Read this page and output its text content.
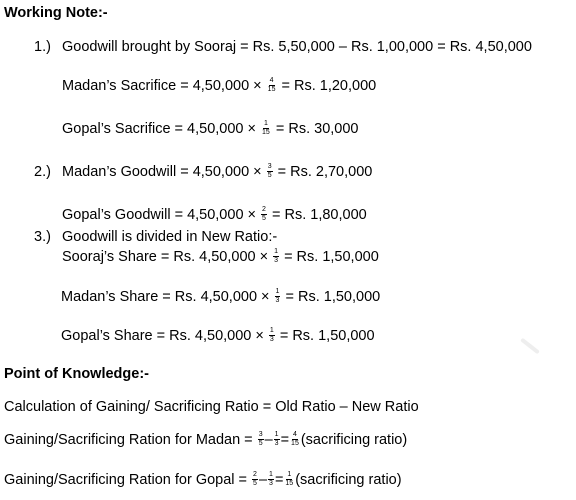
Working Note:-
1.) Goodwill brought by Sooraj = Rs. 5,50,000 – Rs. 1,00,000 = Rs. 4,50,000
Madan’s Sacrifice = $4,50,000 \times \frac{4}{15} = Rs$. 1,20,000
Gopal’s Sacrifice = $4,50,000 \times \frac{1}{15} = Rs$. 30,000
2.) Madan’s Goodwill = $4,50,000 \times \frac{3}{5} = Rs$. 2,70,000
Gopal’s Goodwill = $4,50,000 \times \frac{2}{5} = Rs$. 1,80,000
3.) Goodwill is divided in New Ratio:-
Sooraj’s Share = Rs. $4,50,000 \times \frac{1}{3} = Rs$. 1,50,000
Madan’s Share = Rs. $4,50,000 \times \frac{1}{3} = Rs$. 1,50,000
Gopal’s Share = Rs. $4,50,000 \times \frac{1}{3} = Rs$. 1,50,000
Point of Knowledge:-
Calculation of Gaining/ Sacrificing Ratio = Old Ratio – New Ratio
Gaining/Sacrificing Ration for Madan = $\frac{3}{5} - \frac{1}{3} = \frac{4}{15}$ (sacrificing ratio)
Gaining/Sacrificing Ration for Gopal = $\frac{2}{5} - \frac{1}{3} = \frac{1}{15}$ (sacrificing ratio)
